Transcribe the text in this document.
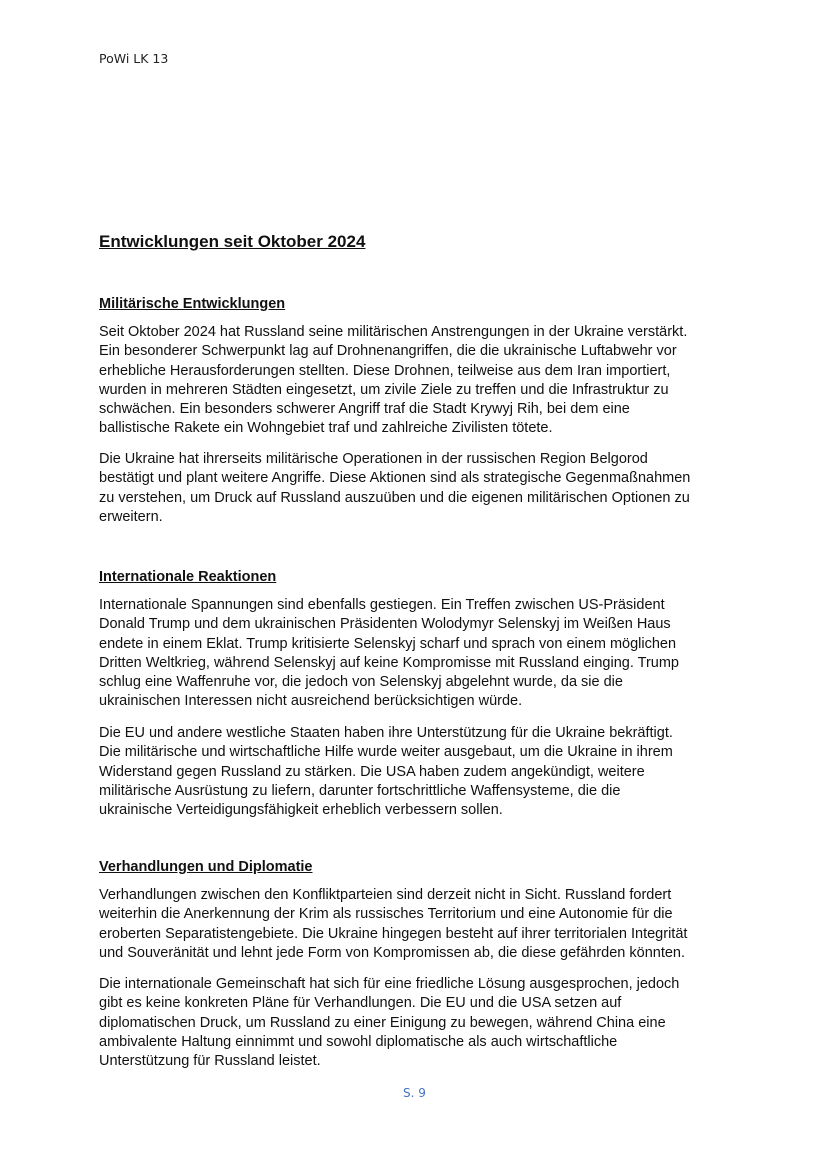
PoWi LK 13
Entwicklungen seit Oktober 2024
Militärische Entwicklungen
Seit Oktober 2024 hat Russland seine militärischen Anstrengungen in der Ukraine verstärkt.
Ein besonderer Schwerpunkt lag auf Drohnenangriffen, die die ukrainische Luftabwehr vor
erhebliche Herausforderungen stellten. Diese Drohnen, teilweise aus dem Iran importiert,
wurden in mehreren Städten eingesetzt, um zivile Ziele zu treffen und die Infrastruktur zu
schwächen. Ein besonders schwerer Angriff traf die Stadt Krywyj Rih, bei dem eine
ballistische Rakete ein Wohngebiet traf und zahlreiche Zivilisten tötete.
Die Ukraine hat ihrerseits militärische Operationen in der russischen Region Belgorod
bestätigt und plant weitere Angriffe. Diese Aktionen sind als strategische Gegenmaßnahmen
zu verstehen, um Druck auf Russland auszuüben und die eigenen militärischen Optionen zu
erweitern.
Internationale Reaktionen
Internationale Spannungen sind ebenfalls gestiegen. Ein Treffen zwischen US-Präsident
Donald Trump und dem ukrainischen Präsidenten Wolodymyr Selenskyj im Weißen Haus
endete in einem Eklat. Trump kritisierte Selenskyj scharf und sprach von einem möglichen
Dritten Weltkrieg, während Selenskyj auf keine Kompromisse mit Russland einging. Trump
schlug eine Waffenruhe vor, die jedoch von Selenskyj abgelehnt wurde, da sie die
ukrainischen Interessen nicht ausreichend berücksichtigen würde.
Die EU und andere westliche Staaten haben ihre Unterstützung für die Ukraine bekräftigt.
Die militärische und wirtschaftliche Hilfe wurde weiter ausgebaut, um die Ukraine in ihrem
Widerstand gegen Russland zu stärken. Die USA haben zudem angekündigt, weitere
militärische Ausrüstung zu liefern, darunter fortschrittliche Waffensysteme, die die
ukrainische Verteidigungsfähigkeit erheblich verbessern sollen.
Verhandlungen und Diplomatie
Verhandlungen zwischen den Konfliktparteien sind derzeit nicht in Sicht. Russland fordert
weiterhin die Anerkennung der Krim als russisches Territorium und eine Autonomie für die
eroberten Separatistengebiete. Die Ukraine hingegen besteht auf ihrer territorialen Integrität
und Souveränität und lehnt jede Form von Kompromissen ab, die diese gefährden könnten.
Die internationale Gemeinschaft hat sich für eine friedliche Lösung ausgesprochen, jedoch
gibt es keine konkreten Pläne für Verhandlungen. Die EU und die USA setzen auf
diplomatischen Druck, um Russland zu einer Einigung zu bewegen, während China eine
ambivalente Haltung einnimmt und sowohl diplomatische als auch wirtschaftliche
Unterstützung für Russland leistet.
S. 9
